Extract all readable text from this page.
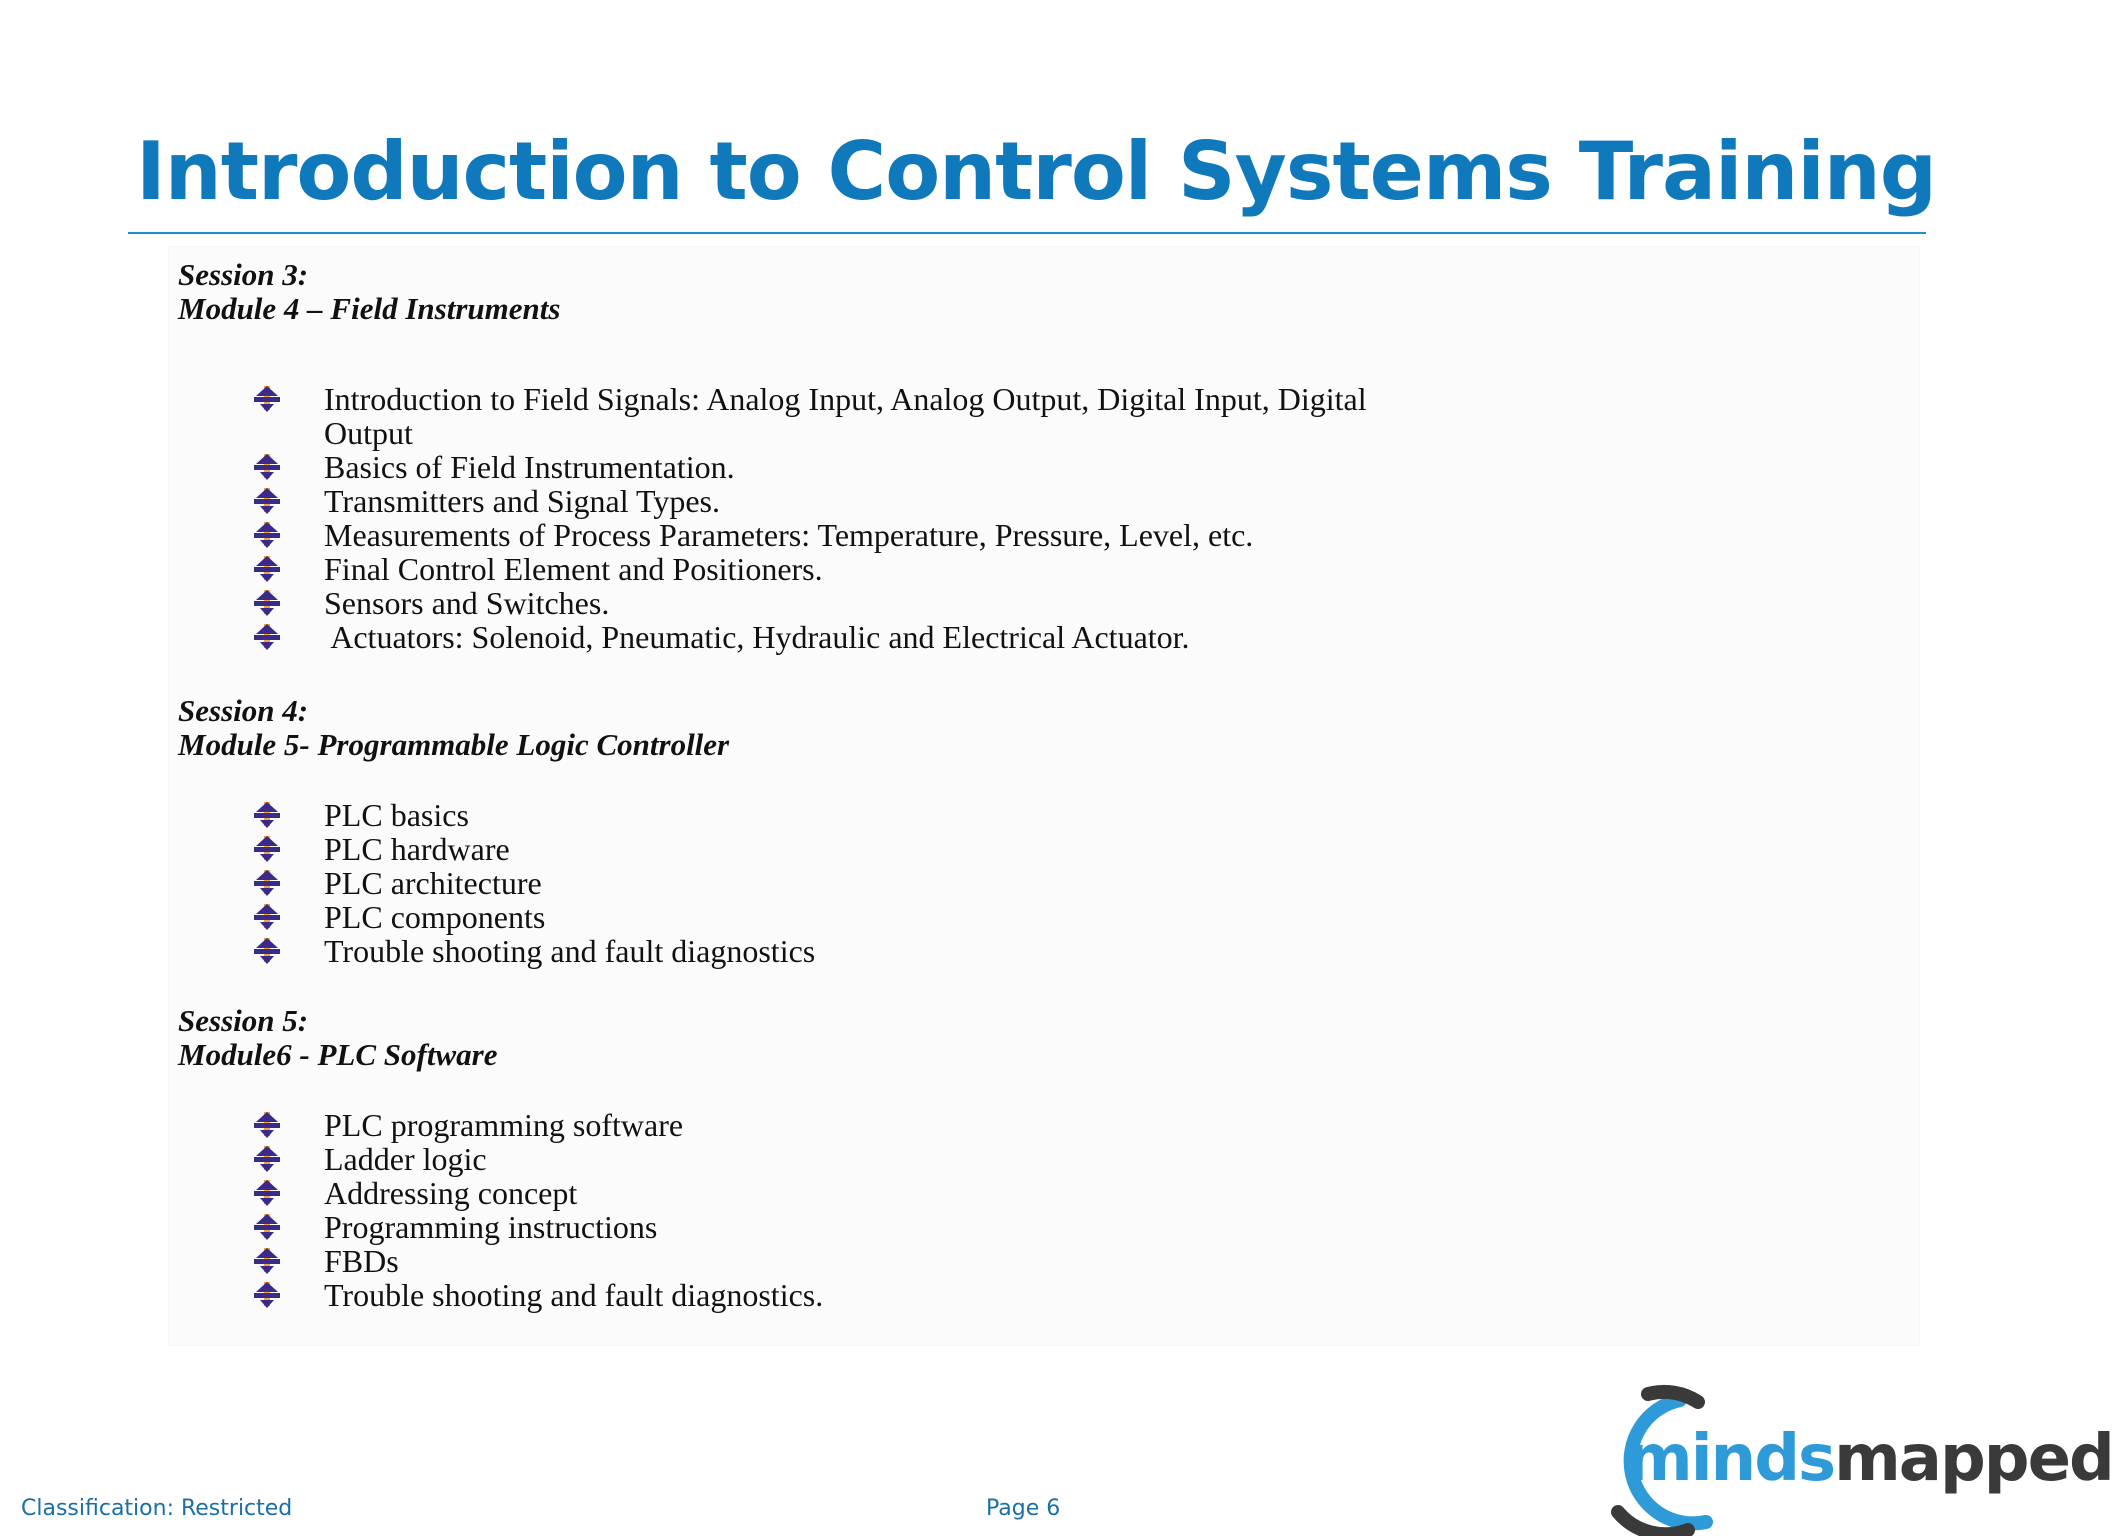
Introduction to Control Systems Training

Session 3:

Module 4 – Field Instruments

Introduction to Field Signals: Analog Input, Analog Output, Digital Input, Digital
Output
Basics of Field Instrumentation.
Transmitters and Signal Types.
Measurements of Process Parameters: Temperature, Pressure, Level, etc.
Final Control Element and Positioners.
Sensors and Switches.
Actuators: Solenoid, Pneumatic, Hydraulic and Electrical Actuator.

Session 4:

Module 5- Programmable Logic Controller

PLC basics
PLC hardware
PLC architecture
PLC components
Trouble shooting and fault diagnostics

Session 5:

Module6 - PLC Software

PLC programming software
Ladder logic
Addressing concept
Programming instructions
FBDs
Trouble shooting and fault diagnostics.
Classification: Restricted	Page 6
mindsmapped
